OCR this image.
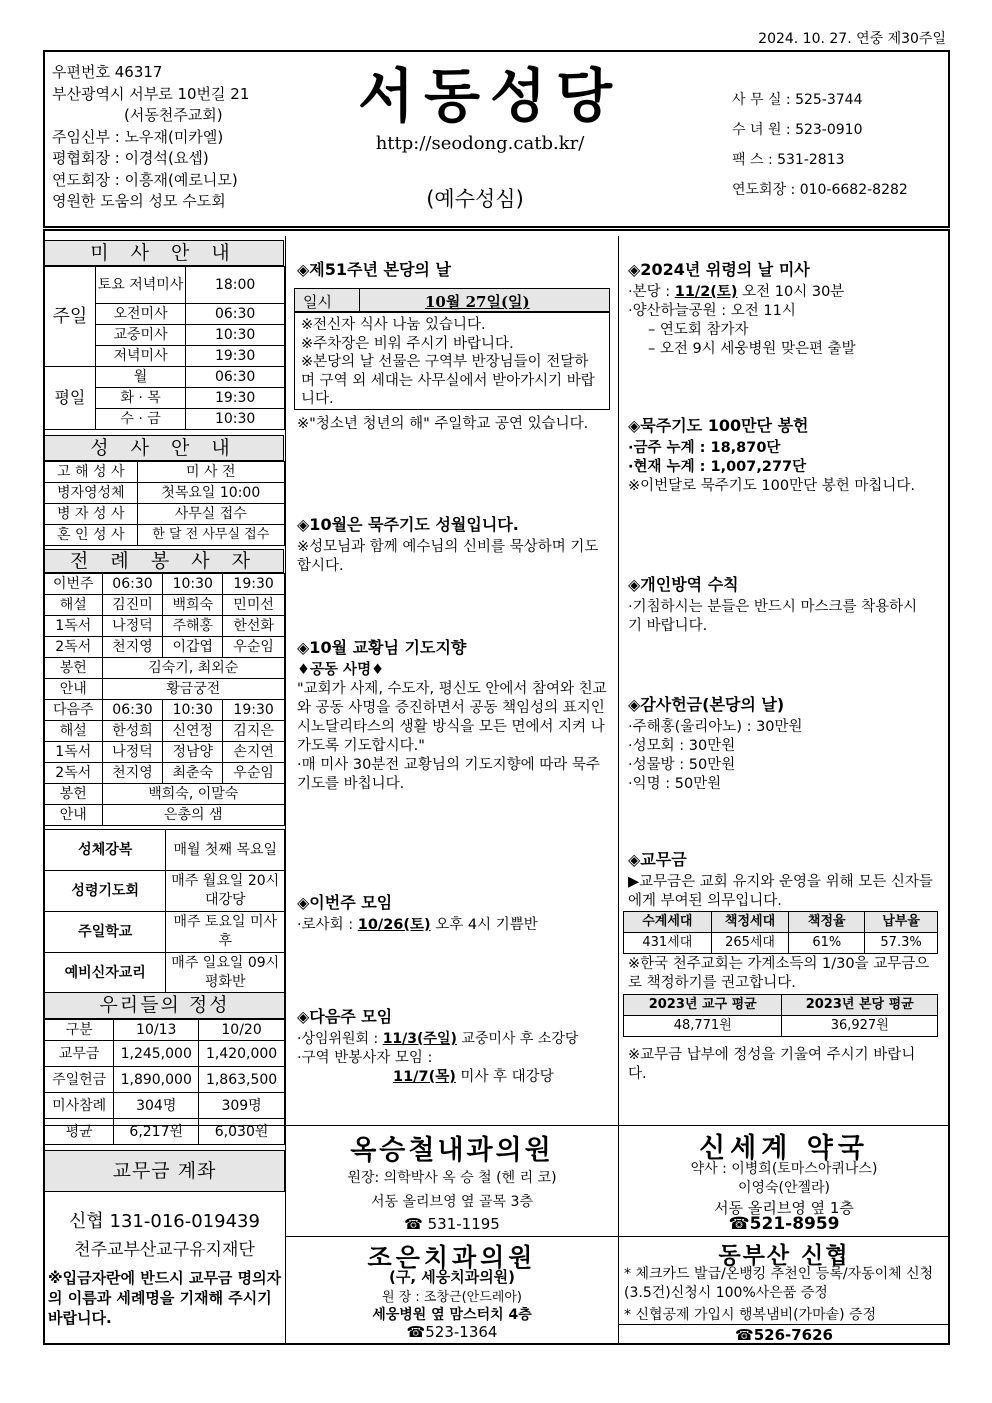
2024. 10. 27. 연중 제30주일
우편번호 46317
부산광역시 서부로 10번길 21
(서동천주교회)
주임신부 : 노우재(미카엘)
평협회장 : 이경석(요셉)
연도회장 : 이흥재(예로니모)
영원한 도움의 성모 수도회
서동성당
http://seodong.catb.kr/
(예수성심)
사 무 실 : 525-3744
수 녀 원 : 523-0910
팩 스 : 531-2813
연도회장 : 010-6682-8282
미 사 안 내
주일	토요 저녁미사	18:00
	오전미사	06:30
	교중미사	10:30
	저녁미사	19:30
평일	월	06:30
	화 · 목	19:30
	수 · 금	10:30
성 사 안 내
고 해 성 사	미 사 전
병자영성체	첫목요일 10:00
병 자 성 사	사무실 접수
혼 인 성 사	한 달 전 사무실 접수
전 례 봉 사 자
이번주	06:30	10:30	19:30
해설	김진미	백희숙	민미선
1독서	나정덕	주해홍	한선화
2독서	천지영	이갑엽	우순임
봉헌	김숙기, 최외순		
안내	황금궁전		
다음주	06:30	10:30	19:30
해설	한성희	신연정	김지은
1독서	나정덕	정남양	손지연
2독서	천지영	최춘숙	우순임
봉헌	백희숙, 이말숙		
안내	은총의 샘		
성체강복	매월 첫째 목요일
성령기도회	매주 월요일 20시 대강당
주일학교	매주 토요일 미사 후
예비신자교리	매주 일요일 09시 평화반
우리들의 정성
구분	10/13	10/20
교무금	1,245,000	1,420,000
주일헌금	1,890,000	1,863,500
미사참례	304명	309명
평균	6,217원	6,030원
교무금 계좌
신협 131-016-019439
천주교부산교구유지재단
※입금자란에 반드시 교무금 명의자의 이름과 세례명을 기재해 주시기 바랍니다.
◈제51주년 본당의 날
일시	10월 27일(일)
※전신자 식사 나눔 있습니다.
※주차장은 비워 주시기 바랍니다.
※본당의 날 선물은 구역부 반장님들이 전달하며 구역 외 세대는 사무실에서 받아가시기 바랍니다.
※"청소년 청년의 해" 주일학교 공연 있습니다.
◈10월은 묵주기도 성월입니다.
※성모님과 함께 예수님의 신비를 묵상하며 기도합시다.
◈10월 교황님 기도지향
♦공동 사명♦
"교회가 사제, 수도자, 평신도 안에서 참여와 친교와 공동 사명을 증진하면서 공동 책임성의 표지인 시노달리타스의 생활 방식을 모든 면에서 지켜 나가도록 기도합시다."
·매 미사 30분전 교황님의 기도지향에 따라 묵주기도를 바칩니다.
◈이번주 모임
·로사회 : 10/26(토) 오후 4시 기쁨반
◈다음주 모임
·상임위원회 : 11/3(주일) 교중미사 후 소강당
·구역 반봉사자 모임 :
11/7(목) 미사 후 대강당
◈2024년 위령의 날 미사
·본당 : 11/2(토) 오전 10시 30분
·양산하늘공원 : 오전 11시
– 연도회 참가자
– 오전 9시 세웅병원 맞은편 출발
◈묵주기도 100만단 봉헌
·금주 누계 : 18,870단
·현재 누계 : 1,007,277단
※이번달로 묵주기도 100만단 봉헌 마칩니다.
◈개인방역 수칙
·기침하시는 분들은 반드시 마스크를 착용하시기 바랍니다.
◈감사헌금(본당의 날)
·주해홍(울리아노) : 30만원
·성모회 : 30만원
·성물방 : 50만원
·익명 : 50만원
◈교무금
▶교무금은 교회 유지와 운영을 위해 모든 신자들에게 부여된 의무입니다.
수계세대	책정세대	책정율	납부율
431세대	265세대	61%	57.3%
※한국 천주교회는 가계소득의 1/30을 교무금으로 책정하기를 권고합니다.
2023년 교구 평균	2023년 본당 평균
48,771원	36,927원
※교무금 납부에 정성을 기울여 주시기 바랍니다.
옥승철내과의원
원장: 의학박사 옥 승 철 (헨 리 코)
서동 올리브영 옆 골목 3층
☎ 531-1195
신세계 약국
약사 : 이병희(토마스아퀴나스)
이영숙(안젤라)
서동 올리브영 옆 1층
☎521-8959
조은치과의원
(구, 세웅치과의원)
원 장 : 조창근(안드레아)
세웅병원 옆 맘스터치 4층
☎523-1364
동부산 신협
* 체크카드 발급/온뱅킹 추천인 등록/자동이체 신청(3.5건)신청시 100%사은품 증정
* 신협공제 가입시 행복냄비(가마솥) 증정
☎526-7626
